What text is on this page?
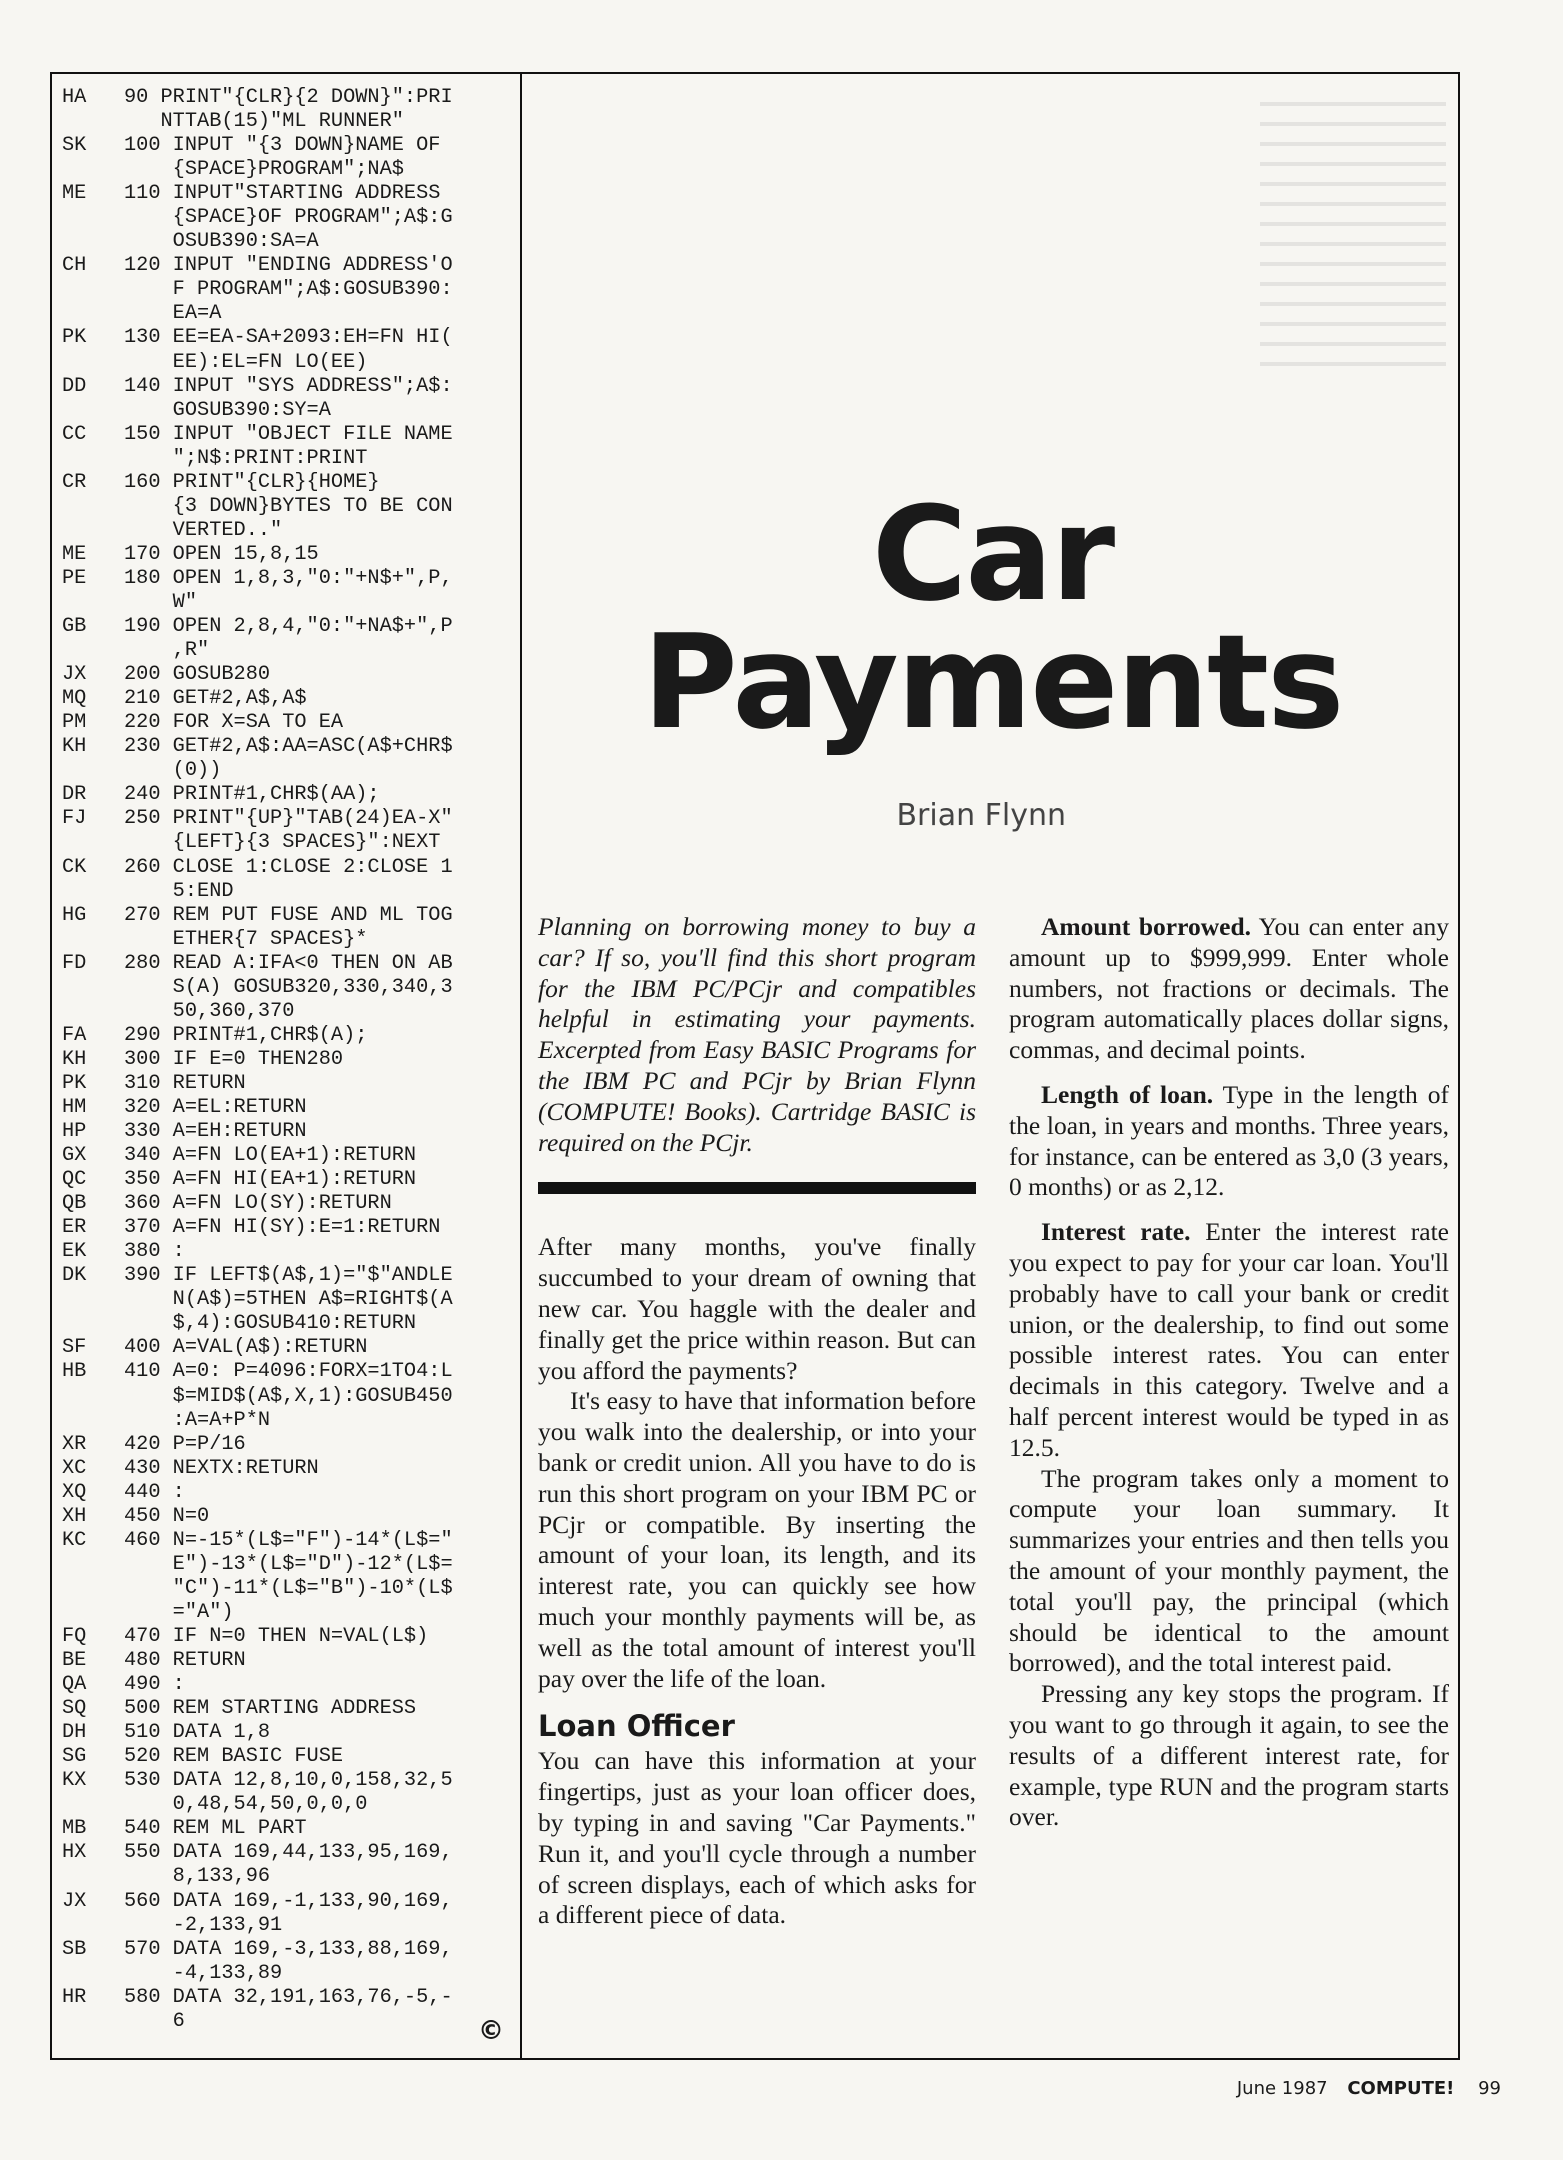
HA	90 PRINT"{CLR}{2 DOWN}":PRI
NTTAB(15)"ML RUNNER"
SK	100 INPUT "{3 DOWN}NAME OF
{SPACE}PROGRAM";NA$
ME	110 INPUT"STARTING ADDRESS
{SPACE}OF PROGRAM";A$:G
OSUB390:SA=A
CH	120 INPUT "ENDING ADDRESS'O
F PROGRAM";A$:GOSUB390:
EA=A
PK	130 EE=EA-SA+2093:EH=FN HI(
EE):EL=FN LO(EE)
DD	140 INPUT "SYS ADDRESS";A$:
GOSUB390:SY=A
CC	150 INPUT "OBJECT FILE NAME
";N$:PRINT:PRINT
CR	160 PRINT"{CLR}{HOME}
{3 DOWN}BYTES TO BE CON
VERTED.."
ME	170 OPEN 15,8,15
PE	180 OPEN 1,8,3,"0:"+N$+",P,
W"
GB	190 OPEN 2,8,4,"0:"+NA$+",P
,R"
JX	200 GOSUB280
MQ	210 GET#2,A$,A$
PM	220 FOR X=SA TO EA
KH	230 GET#2,A$:AA=ASC(A$+CHR$
(0))
DR	240 PRINT#1,CHR$(AA);
FJ	250 PRINT"{UP}"TAB(24)EA-X"
{LEFT}{3 SPACES}":NEXT
CK	260 CLOSE 1:CLOSE 2:CLOSE 1
5:END
HG	270 REM PUT FUSE AND ML TOG
ETHER{7 SPACES}*
FD	280 READ A:IFA<0 THEN ON AB
S(A) GOSUB320,330,340,3
50,360,370
FA	290 PRINT#1,CHR$(A);
KH	300 IF E=0 THEN280
PK	310 RETURN
HM	320 A=EL:RETURN
HP	330 A=EH:RETURN
GX	340 A=FN LO(EA+1):RETURN
QC	350 A=FN HI(EA+1):RETURN
QB	360 A=FN LO(SY):RETURN
ER	370 A=FN HI(SY):E=1:RETURN
EK	380 :
DK	390 IF LEFT$(A$,1)="$"ANDLE
N(A$)=5THEN A$=RIGHT$(A
$,4):GOSUB410:RETURN
SF	400 A=VAL(A$):RETURN
HB	410 A=0: P=4096:FORX=1TO4:L
$=MID$(A$,X,1):GOSUB450
:A=A+P*N
XR	420 P=P/16
XC	430 NEXTX:RETURN
XQ	440 :
XH	450 N=0
KC	460 N=-15*(L$="F")-14*(L$="
E")-13*(L$="D")-12*(L$=
"C")-11*(L$="B")-10*(L$
="A")
FQ	470 IF N=0 THEN N=VAL(L$)
BE	480 RETURN
QA	490 :
SQ	500 REM STARTING ADDRESS
DH	510 DATA 1,8
SG	520 REM BASIC FUSE
KX	530 DATA 12,8,10,0,158,32,5
0,48,54,50,0,0,0
MB	540 REM ML PART
HX	550 DATA 169,44,133,95,169,
8,133,96
JX	560 DATA 169,-1,133,90,169,
-2,133,91
SB	570 DATA 169,-3,133,88,169,
-4,133,89
HR	580 DATA 32,191,163,76,-5,-
6	©
Car
Payments
Brian Flynn

Planning on borrowing money to buy a car? If so, you'll find this short program for the IBM PC/PCjr and compatibles helpful in estimating your payments. Excerpted from Easy BASIC Programs for the IBM PC and PCjr by Brian Flynn (COMPUTE! Books). Cartridge BASIC is required on the PCjr.

After many months, you've finally succumbed to your dream of owning that new car. You haggle with the dealer and finally get the price within reason. But can you afford the payments?

It's easy to have that information before you walk into the dealership, or into your bank or credit union. All you have to do is run this short program on your IBM PC or PCjr or compatible. By inserting the amount of your loan, its length, and its interest rate, you can quickly see how much your monthly payments will be, as well as the total amount of interest you'll pay over the life of the loan.

Loan Officer

You can have this information at your fingertips, just as your loan officer does, by typing in and saving "Car Payments." Run it, and you'll cycle through a number of screen displays, each of which asks for a different piece of data.

Amount borrowed. You can enter any amount up to $999,999. Enter whole numbers, not fractions or decimals. The program automatically places dollar signs, commas, and decimal points.

Length of loan. Type in the length of the loan, in years and months. Three years, for instance, can be entered as 3,0 (3 years, 0 months) or as 2,12.

Interest rate. Enter the interest rate you expect to pay for your car loan. You'll probably have to call your bank or credit union, or the dealership, to find out some possible interest rates. You can enter decimals in this category. Twelve and a half percent interest would be typed in as 12.5.

The program takes only a moment to compute your loan summary. It summarizes your entries and then tells you the amount of your monthly payment, the total you'll pay, the principal (which should be identical to the amount borrowed), and the total interest paid.

Pressing any key stops the program. If you want to go through it again, to see the results of a different interest rate, for example, type RUN and the program starts over.

June 1987 COMPUTE! 99
